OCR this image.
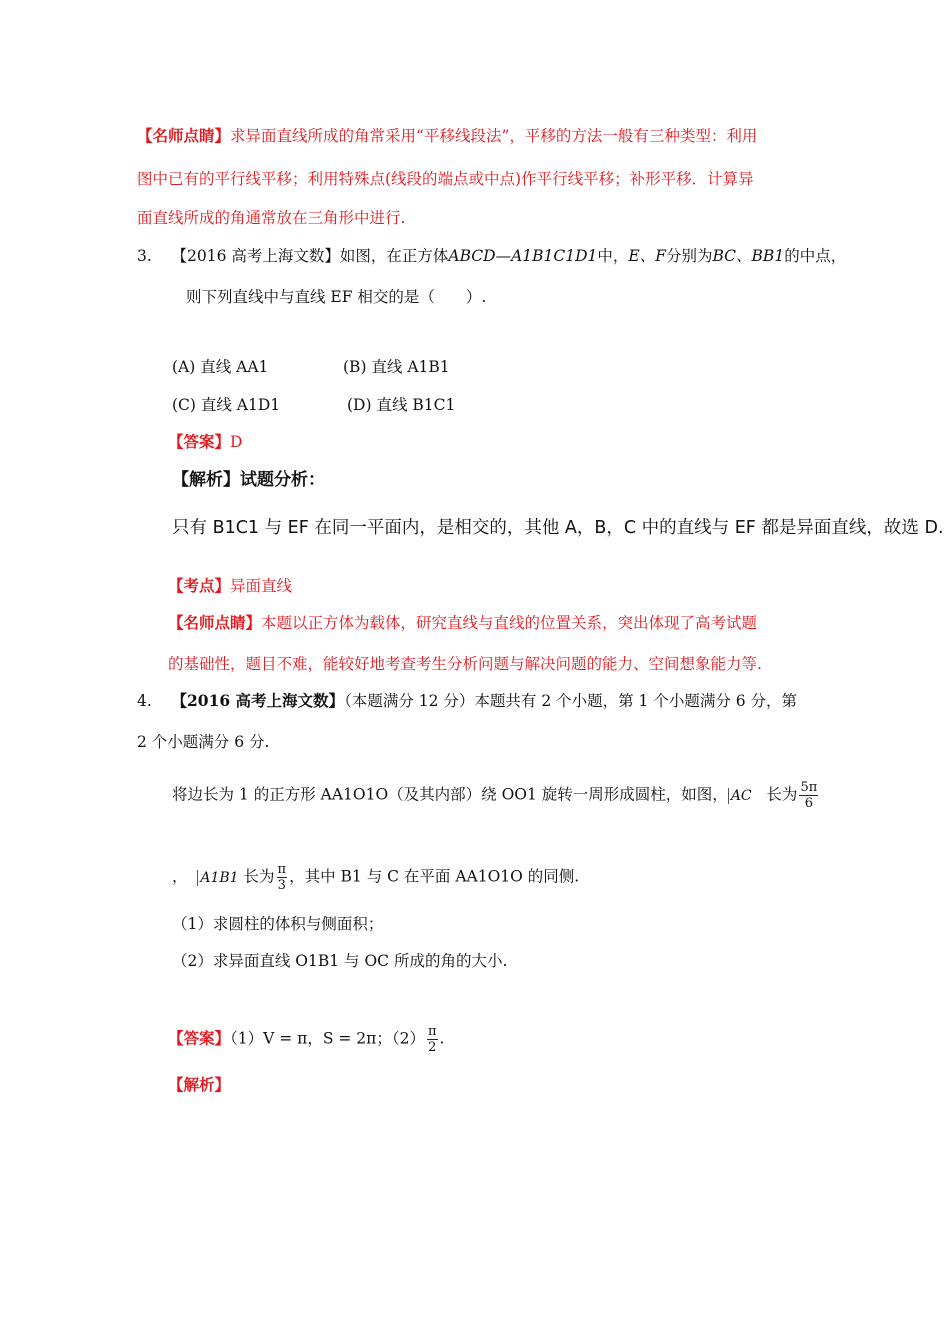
【名师点睛】求异面直线所成的角常采用“平移线段法”，平移的方法一般有三种类型：利用
图中已有的平行线平移；利用特殊点(线段的端点或中点)作平行线平移；补形平移．计算异
面直线所成的角通常放在三角形中进行.
3. 【2016 高考上海文数】如图，在正方体ABCD—A1B1C1D1中，E、F分别为BC、BB1的中点，
则下列直线中与直线 EF 相交的是（　　）.
(A) 直线 AA1	(B) 直线 A1B1
(C) 直线 A1D1	(D) 直线 B1C1
【答案】D
【解析】试题分析：
只有 B1C1 与 EF 在同一平面内，是相交的，其他 A，B，C 中的直线与 EF 都是异面直线，故选 D.
【考点】异面直线
【名师点睛】本题以正方体为载体，研究直线与直线的位置关系，突出体现了高考试题
的基础性，题目不难，能较好地考查考生分析问题与解决问题的能力、空间想象能力等.
4. 【2016 高考上海文数】（本题满分 12 分）本题共有 2 个小题，第 1 个小题满分 6 分，第
2 个小题满分 6 分.
将边长为 1 的正方形 AA1O1O（及其内部）绕 OO1 旋转一周形成圆柱，如图， AC 长为 $\frac{5\pi}{6}$
， A1B1 长为 $\frac{\pi}{3}$ ，其中 B1 与 C 在平面 AA1O1O 的同侧.
（1）求圆柱的体积与侧面积；
（2）求异面直线 O1B1 与 OC 所成的角的大小.
【答案】（1）V = π，S = 2π；$(2) \frac{\pi}{2}$ .
【解析】
